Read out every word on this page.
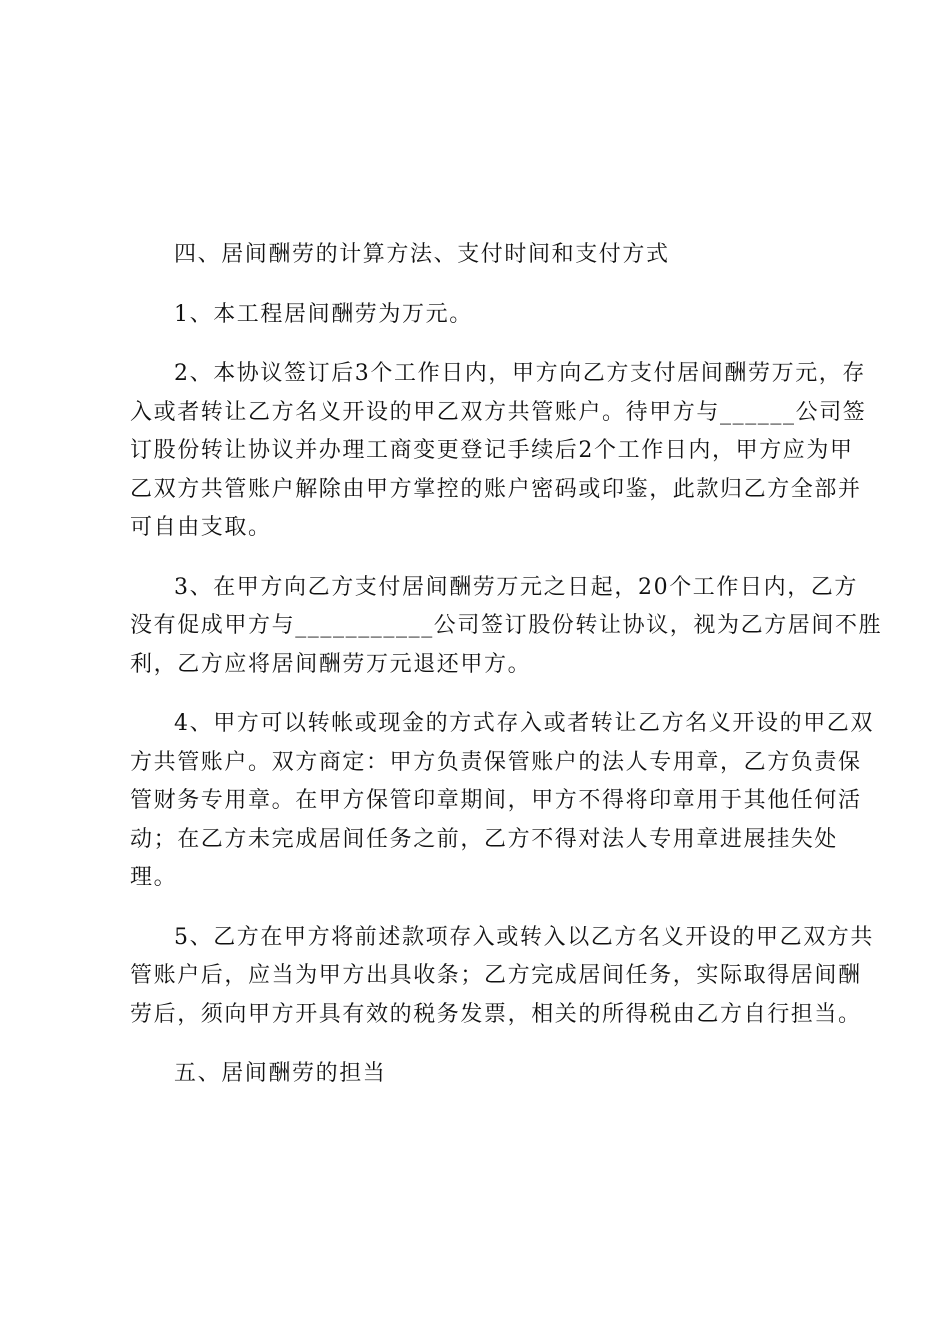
四、居间酬劳的计算方法、支付时间和支付方式
1、本工程居间酬劳为万元。
2、本协议签订后3个工作日内，甲方向乙方支付居间酬劳万元，存
入或者转让乙方名义开设的甲乙双方共管账户。待甲方与______公司签
订股份转让协议并办理工商变更登记手续后2个工作日内，甲方应为甲
乙双方共管账户解除由甲方掌控的账户密码或印鉴，此款归乙方全部并
可自由支取。
3、在甲方向乙方支付居间酬劳万元之日起，20个工作日内，乙方
没有促成甲方与___________公司签订股份转让协议，视为乙方居间不胜
利，乙方应将居间酬劳万元退还甲方。
4、甲方可以转帐或现金的方式存入或者转让乙方名义开设的甲乙双
方共管账户。双方商定：甲方负责保管账户的法人专用章，乙方负责保
管财务专用章。在甲方保管印章期间，甲方不得将印章用于其他任何活
动；在乙方未完成居间任务之前，乙方不得对法人专用章进展挂失处
理。
5、乙方在甲方将前述款项存入或转入以乙方名义开设的甲乙双方共
管账户后，应当为甲方出具收条；乙方完成居间任务，实际取得居间酬
劳后，须向甲方开具有效的税务发票，相关的所得税由乙方自行担当。
五、居间酬劳的担当
